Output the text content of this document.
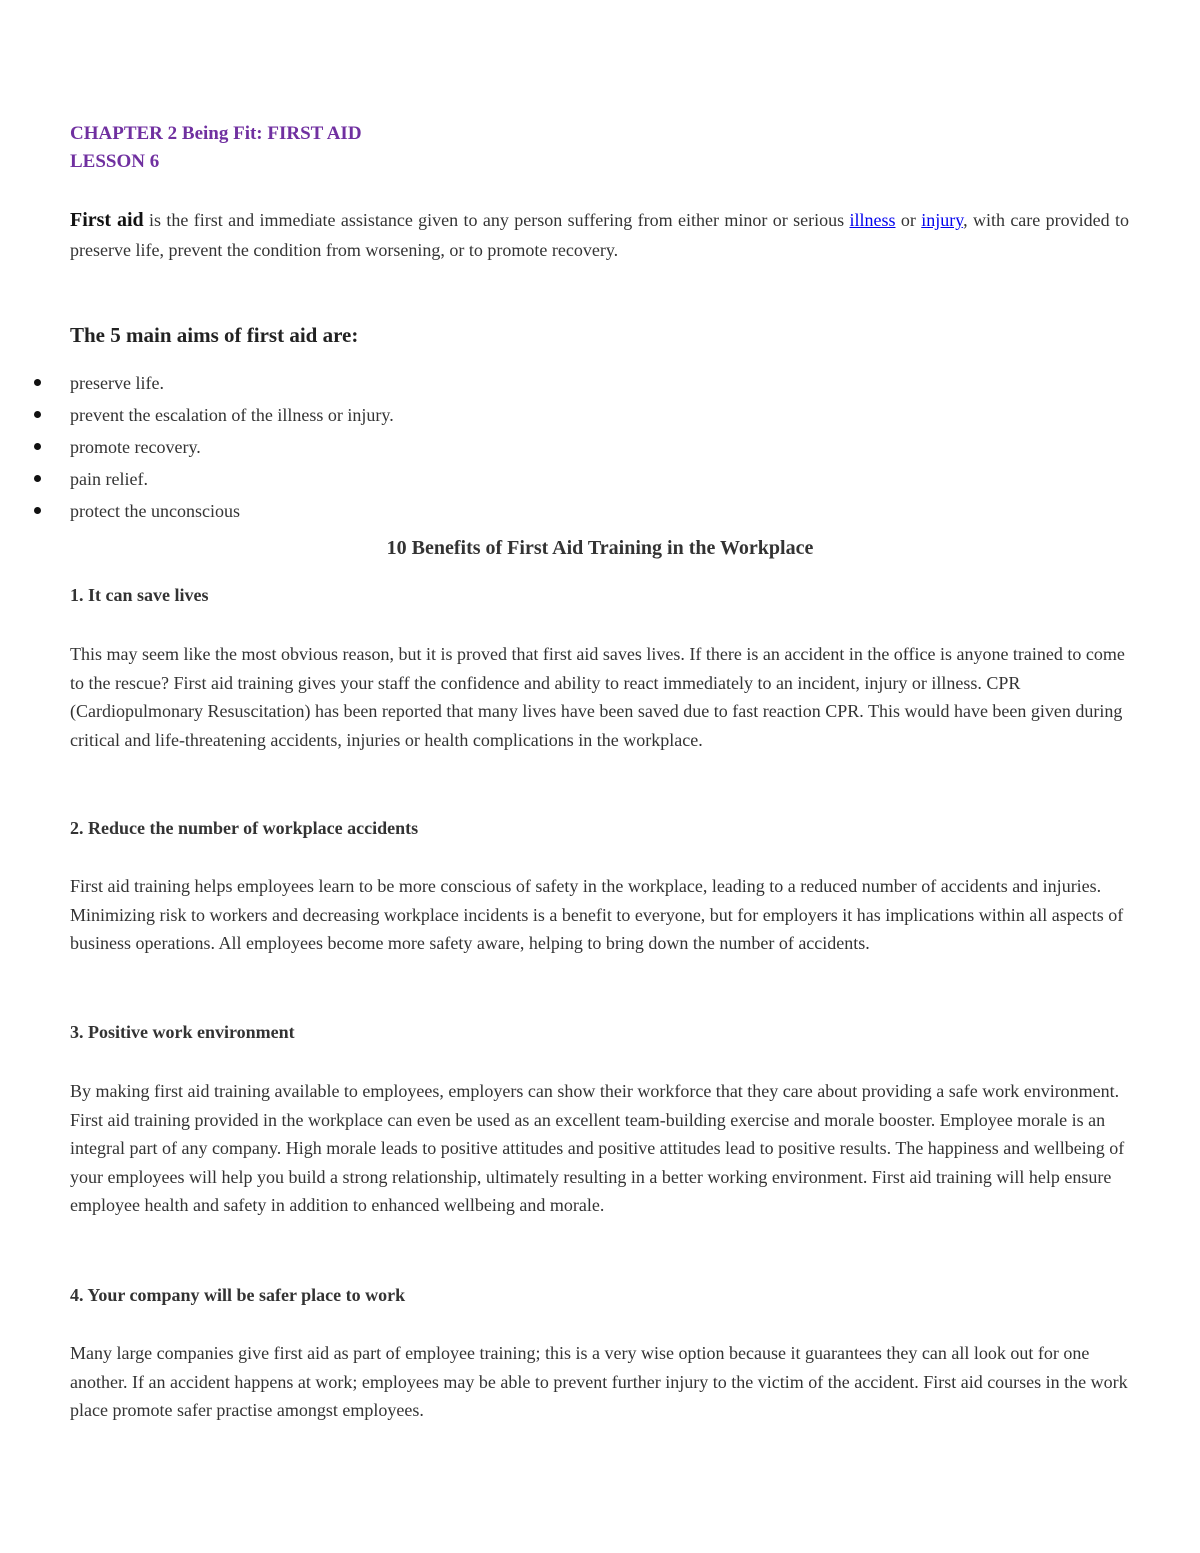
CHAPTER 2 Being Fit: FIRST AID
LESSON 6
First aid is the first and immediate assistance given to any person suffering from either minor or serious illness or injury, with care provided to preserve life, prevent the condition from worsening, or to promote recovery.
The 5 main aims of first aid are:
preserve life.
prevent the escalation of the illness or injury.
promote recovery.
pain relief.
protect the unconscious
10 Benefits of First Aid Training in the Workplace
1. It can save lives
This may seem like the most obvious reason, but it is proved that first aid saves lives. If there is an accident in the office is anyone trained to come to the rescue? First aid training gives your staff the confidence and ability to react immediately to an incident, injury or illness. CPR (Cardiopulmonary Resuscitation) has been reported that many lives have been saved due to fast reaction CPR. This would have been given during critical and life-threatening accidents, injuries or health complications in the workplace.
2. Reduce the number of workplace accidents
First aid training helps employees learn to be more conscious of safety in the workplace, leading to a reduced number of accidents and injuries. Minimizing risk to workers and decreasing workplace incidents is a benefit to everyone, but for employers it has implications within all aspects of business operations. All employees become more safety aware, helping to bring down the number of accidents.
3. Positive work environment
By making first aid training available to employees, employers can show their workforce that they care about providing a safe work environment. First aid training provided in the workplace can even be used as an excellent team-building exercise and morale booster. Employee morale is an integral part of any company. High morale leads to positive attitudes and positive attitudes lead to positive results. The happiness and wellbeing of your employees will help you build a strong relationship, ultimately resulting in a better working environment. First aid training will help ensure employee health and safety in addition to enhanced wellbeing and morale.
4. Your company will be safer place to work
Many large companies give first aid as part of employee training; this is a very wise option because it guarantees they can all look out for one another. If an accident happens at work; employees may be able to prevent further injury to the victim of the accident. First aid courses in the work place promote safer practise amongst employees.
